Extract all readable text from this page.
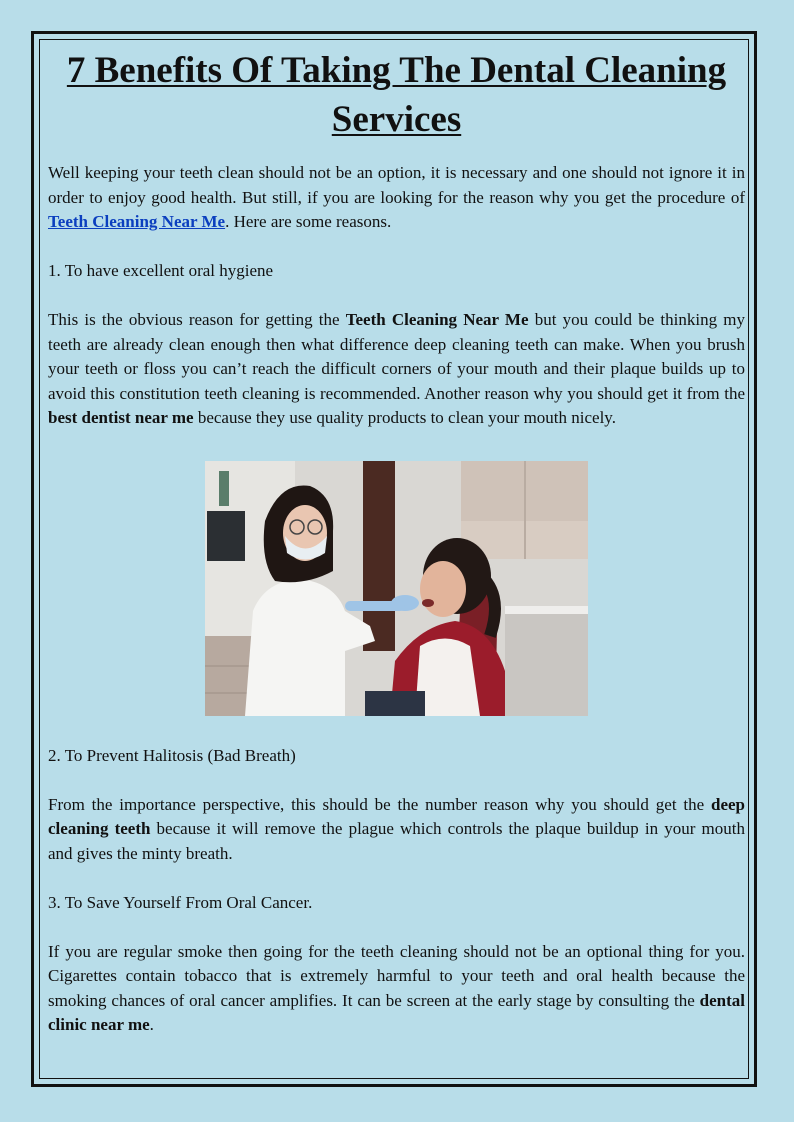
7 Benefits Of Taking The Dental Cleaning Services

Well keeping your teeth clean should not be an option, it is necessary and one should not ignore it in order to enjoy good health. But still, if you are looking for the reason why you get the procedure of Teeth Cleaning Near Me. Here are some reasons.

1. To have excellent oral hygiene

This is the obvious reason for getting the Teeth Cleaning Near Me but you could be thinking my teeth are already clean enough then what difference deep cleaning teeth can make. When you brush your teeth or floss you can’t reach the difficult corners of your mouth and their plaque builds up to avoid this constitution teeth cleaning is recommended. Another reason why you should get it from the best dentist near me because they use quality products to clean your mouth nicely.

2. To Prevent Halitosis (Bad Breath)

From the importance perspective, this should be the number reason why you should get the deep cleaning teeth because it will remove the plague which controls the plaque buildup in your mouth and gives the minty breath.

3. To Save Yourself From Oral Cancer.

If you are regular smoke then going for the teeth cleaning should not be an optional thing for you. Cigarettes contain tobacco that is extremely harmful to your teeth and oral health because the smoking chances of oral cancer amplifies. It can be screen at the early stage by consulting the dental clinic near me.
